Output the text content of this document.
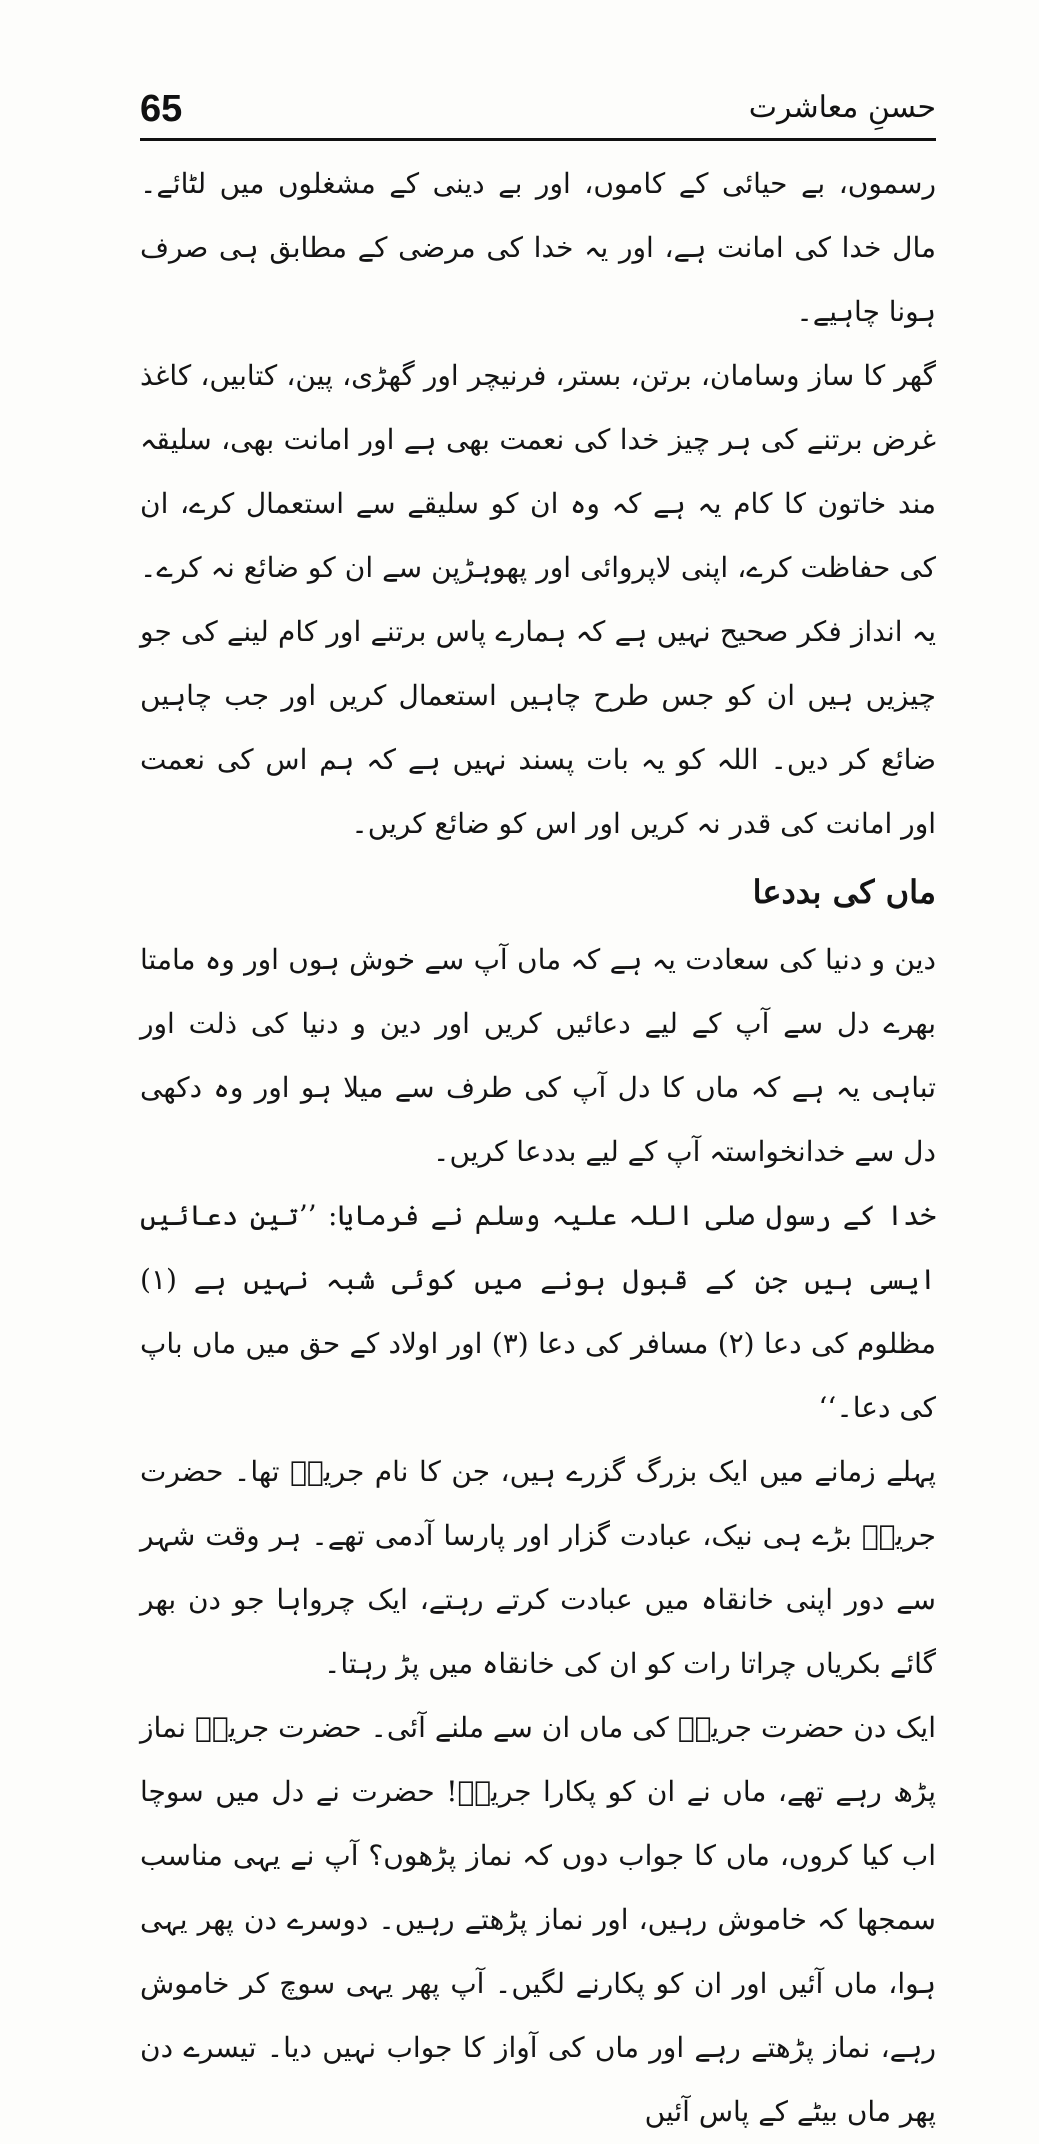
65	حسنِ معاشرت

رسموں، بے حیائی کے کاموں، اور بے دینی کے مشغلوں میں لٹائے۔ مال خدا کی امانت ہے، اور یہ خدا کی مرضی کے مطابق ہی صرف ہونا چاہیے۔

گھر کا ساز وسامان، برتن، بستر، فرنیچر اور گھڑی، پین، کتابیں، کاغذ غرض برتنے کی ہر چیز خدا کی نعمت بھی ہے اور امانت بھی، سلیقہ مند خاتون کا کام یہ ہے کہ وہ ان کو سلیقے سے استعمال کرے، ان کی حفاظت کرے، اپنی لاپروائی اور پھوہڑپن سے ان کو ضائع نہ کرے۔ یہ انداز فکر صحیح نہیں ہے کہ ہمارے پاس برتنے اور کام لینے کی جو چیزیں ہیں ان کو جس طرح چاہیں استعمال کریں اور جب چاہیں ضائع کر دیں۔ اللہ کو یہ بات پسند نہیں ہے کہ ہم اس کی نعمت اور امانت کی قدر نہ کریں اور اس کو ضائع کریں۔

ماں کی بددعا

دین و دنیا کی سعادت یہ ہے کہ ماں آپ سے خوش ہوں اور وہ مامتا بھرے دل سے آپ کے لیے دعائیں کریں اور دین و دنیا کی ذلت اور تباہی یہ ہے کہ ماں کا دل آپ کی طرف سے میلا ہو اور وہ دکھی دل سے خدانخواستہ آپ کے لیے بددعا کریں۔

خدا کے رسول صلی اللہ علیہ وسلم نے فرمایا: ’’تین دعائیں ایسی ہیں جن کے قبول ہونے میں کوئی شبہ نہیں ہے (۱) مظلوم کی دعا (۲) مسافر کی دعا (۳) اور اولاد کے حق میں ماں باپ کی دعا۔‘‘

پہلے زمانے میں ایک بزرگ گزرے ہیں، جن کا نام جریجؒ تھا۔ حضرت جریجؒ بڑے ہی نیک، عبادت گزار اور پارسا آدمی تھے۔ ہر وقت شہر سے دور اپنی خانقاہ میں عبادت کرتے رہتے، ایک چرواہا جو دن بھر گائے بکریاں چراتا رات کو ان کی خانقاہ میں پڑ رہتا۔

ایک دن حضرت جریجؒ کی ماں ان سے ملنے آئی۔ حضرت جریجؒ نماز پڑھ رہے تھے، ماں نے ان کو پکارا جریجؒ! حضرت نے دل میں سوچا اب کیا کروں، ماں کا جواب دوں کہ نماز پڑھوں؟ آپ نے یہی مناسب سمجھا کہ خاموش رہیں، اور نماز پڑھتے رہیں۔ دوسرے دن پھر یہی ہوا، ماں آئیں اور ان کو پکارنے لگیں۔ آپ پھر یہی سوچ کر خاموش رہے، نماز پڑھتے رہے اور ماں کی آواز کا جواب نہیں دیا۔ تیسرے دن پھر ماں بیٹے کے پاس آئیں
